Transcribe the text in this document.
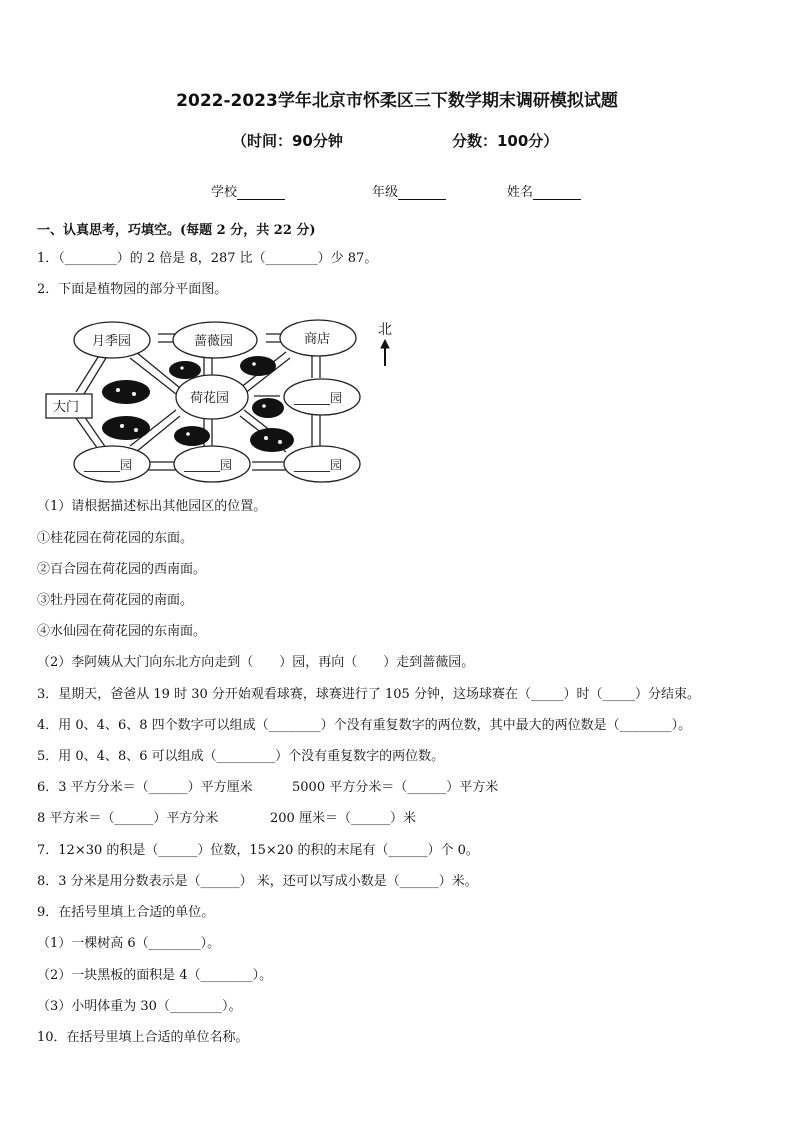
2022-2023学年北京市怀柔区三下数学期末调研模拟试题
（时间：90分钟	分数：100分）
学校	年级	姓名
一、认真思考，巧填空。(每题 2 分，共 22 分)
1．（________）的 2 倍是 8，287 比（________）少 87。
2．下面是植物园的部分平面图。
月季园	蔷薇园	商店
大门
荷花园	______园
______园	______园	______园
北
（1）请根据描述标出其他园区的位置。
①桂花园在荷花园的东面。
②百合园在荷花园的西南面。
③牡丹园在荷花园的南面。
④水仙园在荷花园的东南面。
（2）李阿姨从大门向东北方向走到（　　）园，再向（　　）走到蔷薇园。
3．星期天，爸爸从 19 时 30 分开始观看球赛，球赛进行了 105 分钟，这场球赛在（_____）时（_____）分结束。
4．用 0、4、6、8 四个数字可以组成（________）个没有重复数字的两位数，其中最大的两位数是（________）。
5．用 0、4、8、6 可以组成（_________）个没有重复数字的两位数。
6．3 平方分米＝（______）平方厘米	5000 平方分米＝（______）平方米
8 平方米＝（______）平方分米	200 厘米＝（______）米
7．12×30 的积是（______）位数，15×20 的积的末尾有（______）个 0。
8．3 分米是用分数表示是（______） 米，还可以写成小数是（______）米。
9．在括号里填上合适的单位。
（1）一棵树高 6（________）。
（2）一块黑板的面积是 4（________）。
（3）小明体重为 30（________）。
10．在括号里填上合适的单位名称。
